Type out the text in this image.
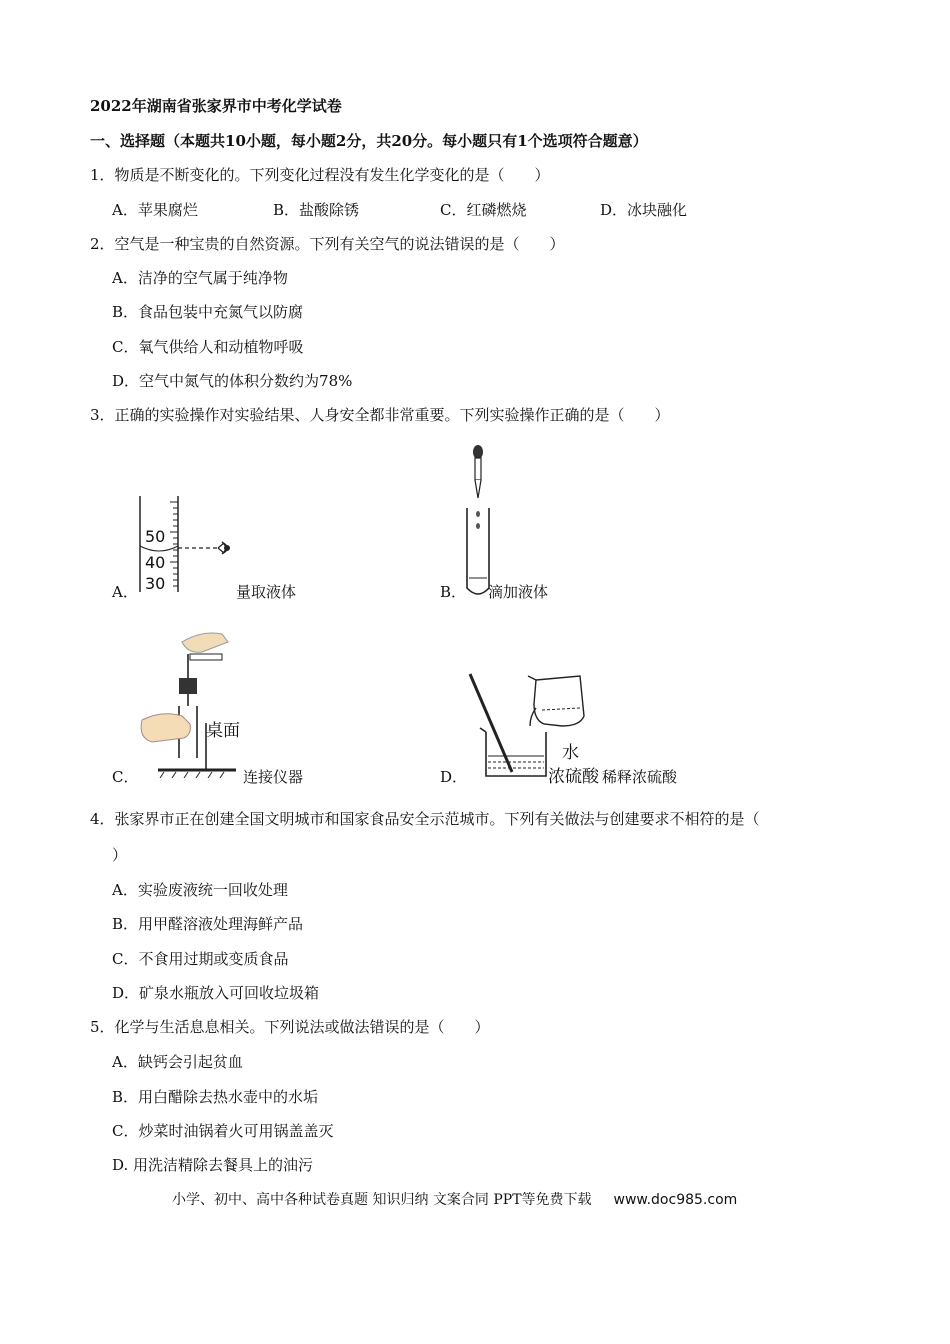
2022年湖南省张家界市中考化学试卷
一、选择题（本题共10小题，每小题2分，共20分。每小题只有1个选项符合题意）
1．物质是不断变化的。下列变化过程没有发生化学变化的是（　　）
A．苹果腐烂	B．盐酸除锈	C．红磷燃烧	D．冰块融化
2．空气是一种宝贵的自然资源。下列有关空气的说法错误的是（　　）
A．洁净的空气属于纯净物
B．食品包装中充氮气以防腐
C．氧气供给人和动植物呼吸
D．空气中氮气的体积分数约为78%
3．正确的实验操作对实验结果、人身安全都非常重要。下列实验操作正确的是（　　）
A．
50
40
30	量取液体	B． 滴加液体
C．
桌面
连接仪器	D．
水
浓硫酸 稀释浓硫酸
4．张家界市正在创建全国文明城市和国家食品安全示范城市。下列有关做法与创建要求不相符的是（
）
A．实验废液统一回收处理
B．用甲醛溶液处理海鲜产品
C．不食用过期或变质食品
D．矿泉水瓶放入可回收垃圾箱
5．化学与生活息息相关。下列说法或做法错误的是（　　）
A．缺钙会引起贫血
B．用白醋除去热水壶中的水垢
C．炒菜时油锅着火可用锅盖盖灭
D. 用洗洁精除去餐具上的油污
小学、初中、高中各种试卷真题 知识归纳 文案合同 PPT等免费下载 www.doc985.com
